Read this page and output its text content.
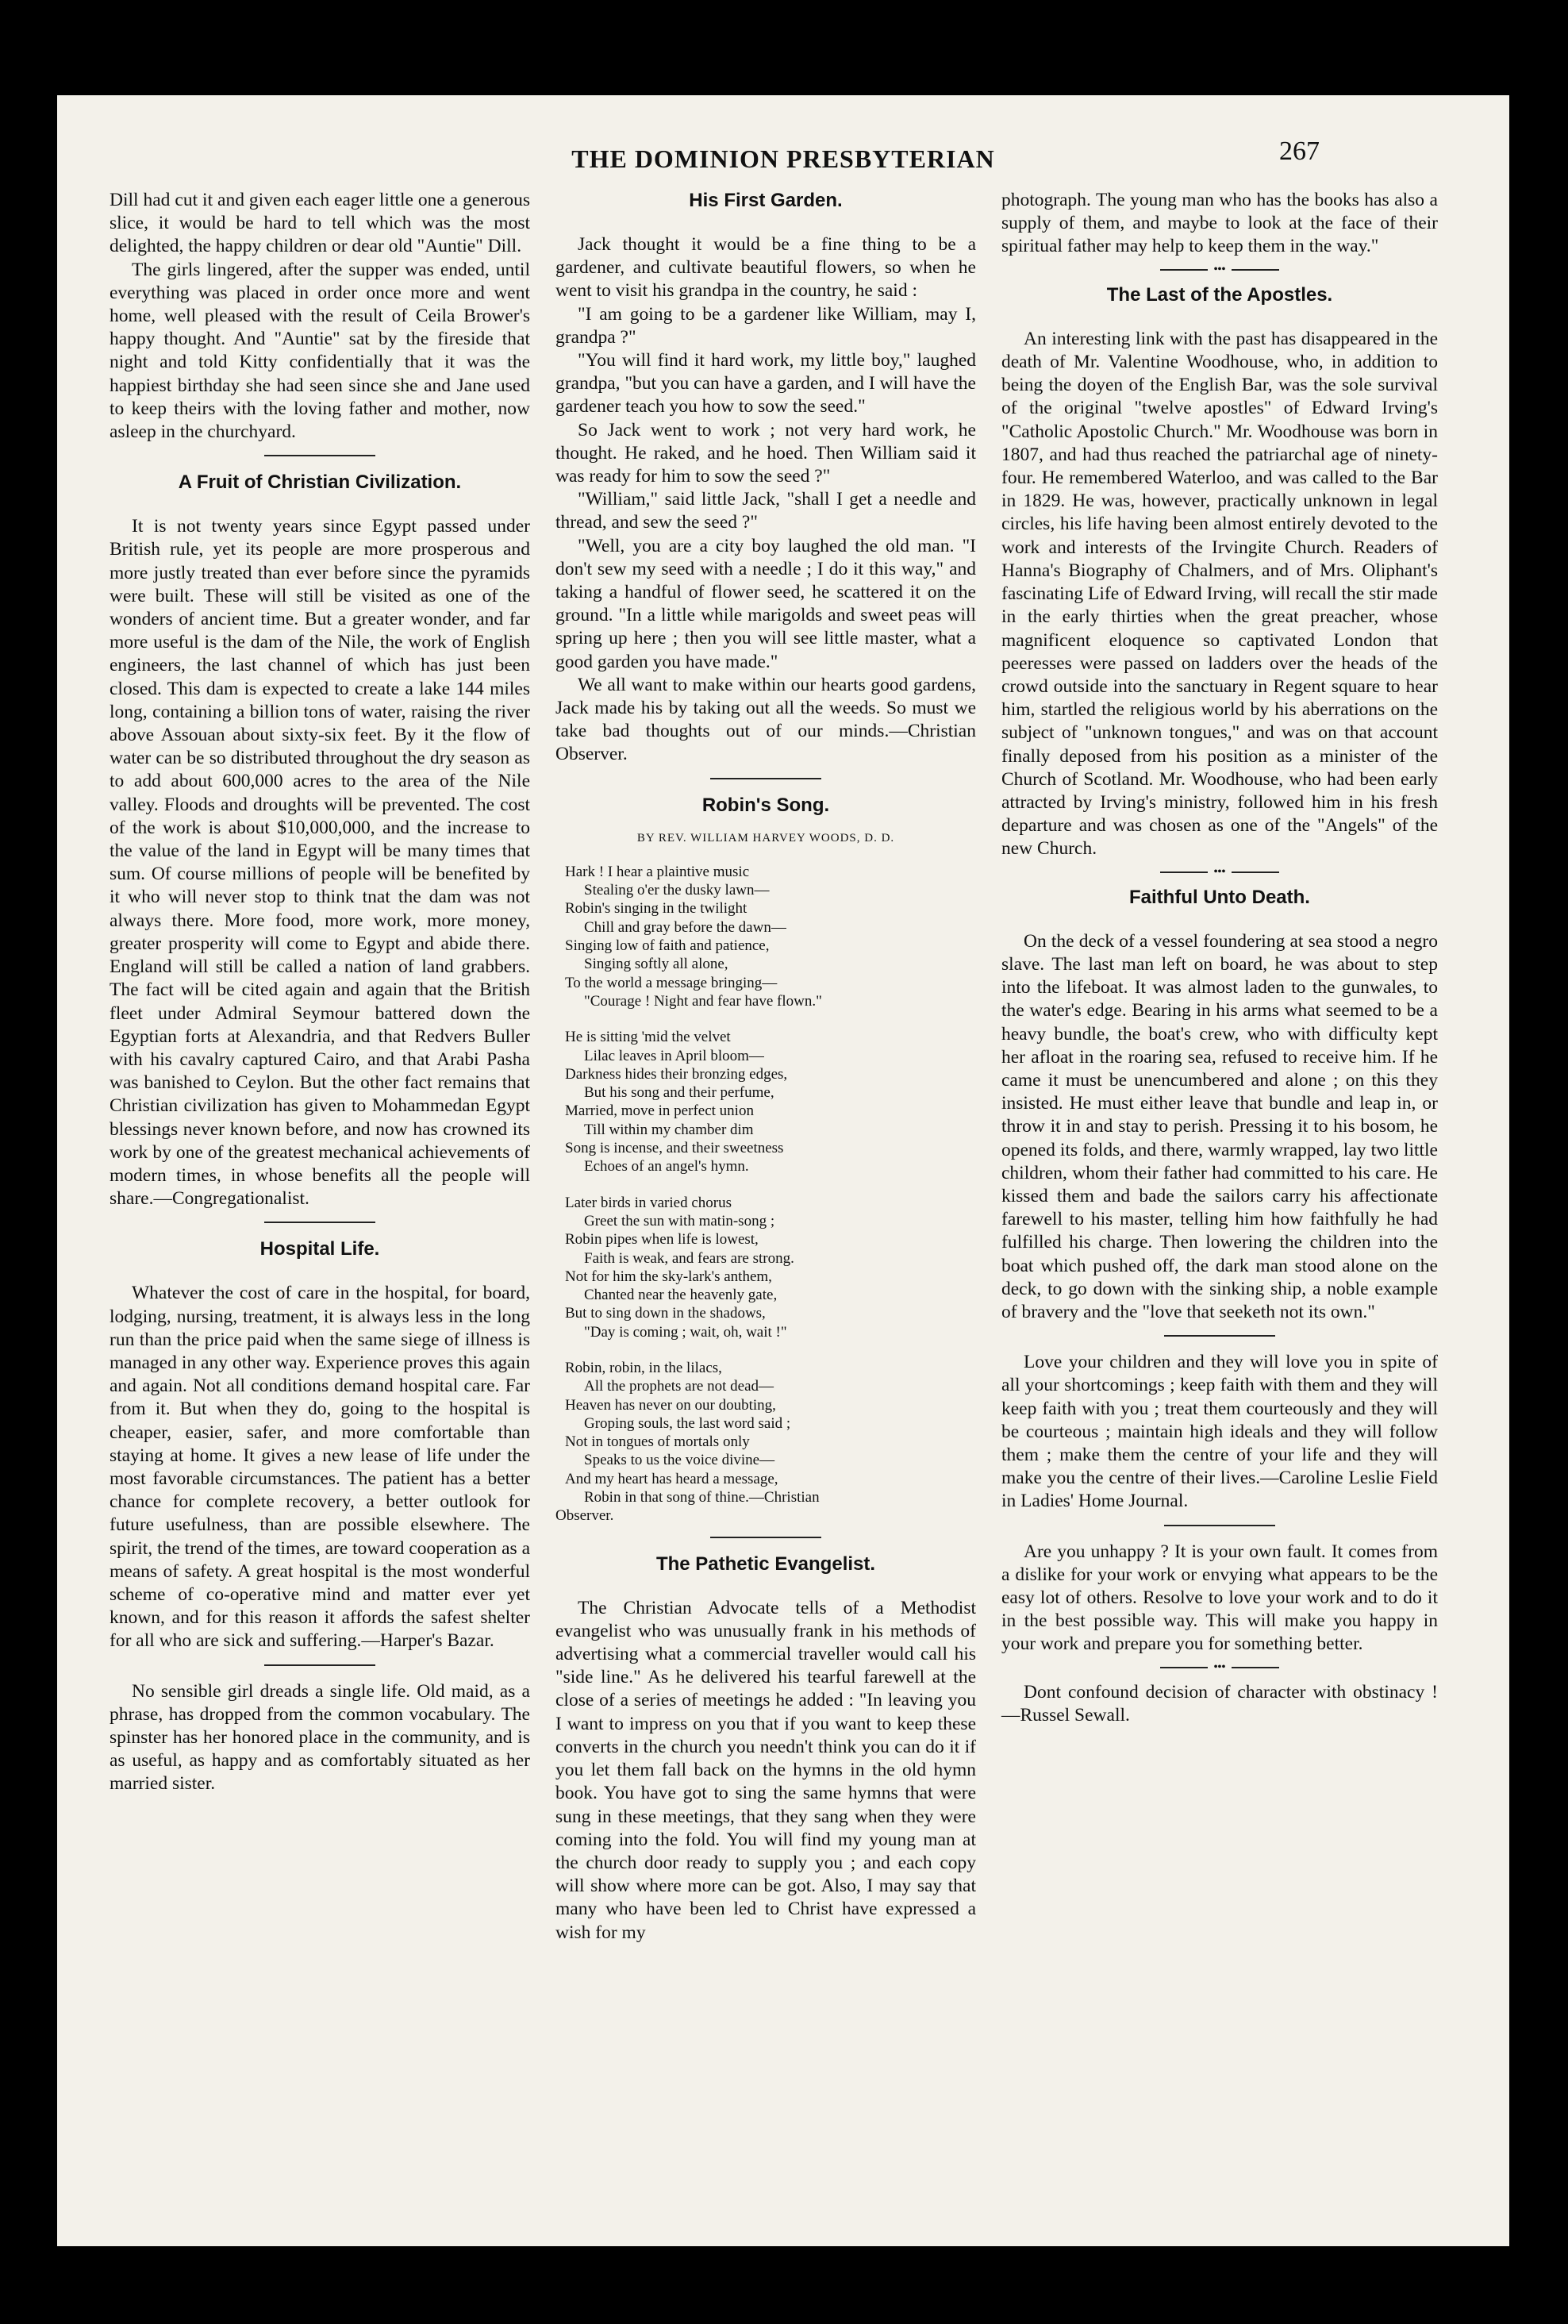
THE DOMINION PRESBYTERIAN	267

Dill had cut it and given each eager little one a generous slice, it would be hard to tell which was the most delighted, the happy children or dear old "Auntie" Dill.

The girls lingered, after the supper was ended, until everything was placed in order once more and went home, well pleased with the result of Ceila Brower's happy thought. And "Auntie" sat by the fireside that night and told Kitty confidentially that it was the happiest birthday she had seen since she and Jane used to keep theirs with the loving father and mother, now asleep in the churchyard.

A Fruit of Christian Civilization.

It is not twenty years since Egypt passed under British rule, yet its people are more prosperous and more justly treated than ever before since the pyramids were built. These will still be visited as one of the wonders of ancient time. But a greater wonder, and far more useful is the dam of the Nile, the work of English engineers, the last channel of which has just been closed. This dam is expected to create a lake 144 miles long, containing a billion tons of water, raising the river above Assouan about sixty-six feet. By it the flow of water can be so distributed throughout the dry season as to add about 600,000 acres to the area of the Nile valley. Floods and droughts will be prevented. The cost of the work is about $10,000,000, and the increase to the value of the land in Egypt will be many times that sum. Of course millions of people will be benefited by it who will never stop to think tnat the dam was not always there. More food, more work, more money, greater prosperity will come to Egypt and abide there. England will still be called a nation of land grabbers. The fact will be cited again and again that the British fleet under Admiral Seymour battered down the Egyptian forts at Alexandria, and that Redvers Buller with his cavalry captured Cairo, and that Arabi Pasha was banished to Ceylon. But the other fact remains that Christian civilization has given to Mohammedan Egypt blessings never known before, and now has crowned its work by one of the greatest mechanical achievements of modern times, in whose benefits all the people will share.—Congregationalist.

Hospital Life.

Whatever the cost of care in the hospital, for board, lodging, nursing, treatment, it is always less in the long run than the price paid when the same siege of illness is managed in any other way. Experience proves this again and again. Not all conditions demand hospital care. Far from it. But when they do, going to the hospital is cheaper, easier, safer, and more comfortable than staying at home. It gives a new lease of life under the most favorable circumstances. The patient has a better chance for complete recovery, a better outlook for future usefulness, than are possible elsewhere. The spirit, the trend of the times, are toward cooperation as a means of safety. A great hospital is the most wonderful scheme of co-operative mind and matter ever yet known, and for this reason it affords the safest shelter for all who are sick and suffering.—Harper's Bazar.

No sensible girl dreads a single life. Old maid, as a phrase, has dropped from the common vocabulary. The spinster has her honored place in the community, and is as useful, as happy and as comfortably situated as her married sister.

His First Garden.

Jack thought it would be a fine thing to be a gardener, and cultivate beautiful flowers, so when he went to visit his grandpa in the country, he said :

"I am going to be a gardener like William, may I, grandpa ?"

"You will find it hard work, my little boy," laughed grandpa, "but you can have a garden, and I will have the gardener teach you how to sow the seed."

So Jack went to work ; not very hard work, he thought. He raked, and he hoed. Then William said it was ready for him to sow the seed ?"

"William," said little Jack, "shall I get a needle and thread, and sew the seed ?"

"Well, you are a city boy laughed the old man. "I don't sew my seed with a needle ; I do it this way," and taking a handful of flower seed, he scattered it on the ground. "In a little while marigolds and sweet peas will spring up here ; then you will see little master, what a good garden you have made."

We all want to make within our hearts good gardens, Jack made his by taking out all the weeds. So must we take bad thoughts out of our minds.—Christian Observer.

Robin's Song.
BY REV. WILLIAM HARVEY WOODS, D. D.
Hark ! I hear a plaintive music
Stealing o'er the dusky lawn—
Robin's singing in the twilight
Chill and gray before the dawn—
Singing low of faith and patience,
Singing softly all alone,
To the world a message bringing—
"Courage ! Night and fear have flown."
He is sitting 'mid the velvet
Lilac leaves in April bloom—
Darkness hides their bronzing edges,
But his song and their perfume,
Married, move in perfect union
Till within my chamber dim
Song is incense, and their sweetness
Echoes of an angel's hymn.
Later birds in varied chorus
Greet the sun with matin-song ;
Robin pipes when life is lowest,
Faith is weak, and fears are strong.
Not for him the sky-lark's anthem,
Chanted near the heavenly gate,
But to sing down in the shadows,
"Day is coming ; wait, oh, wait !"
Robin, robin, in the lilacs,
All the prophets are not dead—
Heaven has never on our doubting,
Groping souls, the last word said ;
Not in tongues of mortals only
Speaks to us the voice divine—
And my heart has heard a message,
Robin in that song of thine.—Christian
Observer.
The Pathetic Evangelist.

The Christian Advocate tells of a Methodist evangelist who was unusually frank in his methods of advertising what a commercial traveller would call his "side line." As he delivered his tearful farewell at the close of a series of meetings he added : "In leaving you I want to impress on you that if you want to keep these converts in the church you needn't think you can do it if you let them fall back on the hymns in the old hymn book. You have got to sing the same hymns that were sung in these meetings, that they sang when they were coming into the fold. You will find my young man at the church door ready to supply you ; and each copy will show where more can be got. Also, I may say that many who have been led to Christ have expressed a wish for my

photograph. The young man who has the books has also a supply of them, and maybe to look at the face of their spiritual father may help to keep them in the way."

•••
The Last of the Apostles.

An interesting link with the past has disappeared in the death of Mr. Valentine Woodhouse, who, in addition to being the doyen of the English Bar, was the sole survival of the original "twelve apostles" of Edward Irving's "Catholic Apostolic Church." Mr. Woodhouse was born in 1807, and had thus reached the patriarchal age of ninety-four. He remembered Waterloo, and was called to the Bar in 1829. He was, however, practically unknown in legal circles, his life having been almost entirely devoted to the work and interests of the Irvingite Church. Readers of Hanna's Biography of Chalmers, and of Mrs. Oliphant's fascinating Life of Edward Irving, will recall the stir made in the early thirties when the great preacher, whose magnificent eloquence so captivated London that peeresses were passed on ladders over the heads of the crowd outside into the sanctuary in Regent square to hear him, startled the religious world by his aberrations on the subject of "unknown tongues," and was on that account finally deposed from his position as a minister of the Church of Scotland. Mr. Woodhouse, who had been early attracted by Irving's ministry, followed him in his fresh departure and was chosen as one of the "Angels" of the new Church.

•••
Faithful Unto Death.

On the deck of a vessel foundering at sea stood a negro slave. The last man left on board, he was about to step into the lifeboat. It was almost laden to the gunwales, to the water's edge. Bearing in his arms what seemed to be a heavy bundle, the boat's crew, who with difficulty kept her afloat in the roaring sea, refused to receive him. If he came it must be unencumbered and alone ; on this they insisted. He must either leave that bundle and leap in, or throw it in and stay to perish. Pressing it to his bosom, he opened its folds, and there, warmly wrapped, lay two little children, whom their father had committed to his care. He kissed them and bade the sailors carry his affectionate farewell to his master, telling him how faithfully he had fulfilled his charge. Then lowering the children into the boat which pushed off, the dark man stood alone on the deck, to go down with the sinking ship, a noble example of bravery and the "love that seeketh not its own."

Love your children and they will love you in spite of all your shortcomings ; keep faith with them and they will keep faith with you ; treat them courteously and they will be courteous ; maintain high ideals and they will follow them ; make them the centre of your life and they will make you the centre of their lives.—Caroline Leslie Field in Ladies' Home Journal.

Are you unhappy ? It is your own fault. It comes from a dislike for your work or envying what appears to be the easy lot of others. Resolve to love your work and to do it in the best possible way. This will make you happy in your work and prepare you for something better.

•••

Dont confound decision of character with obstinacy !—Russel Sewall.
